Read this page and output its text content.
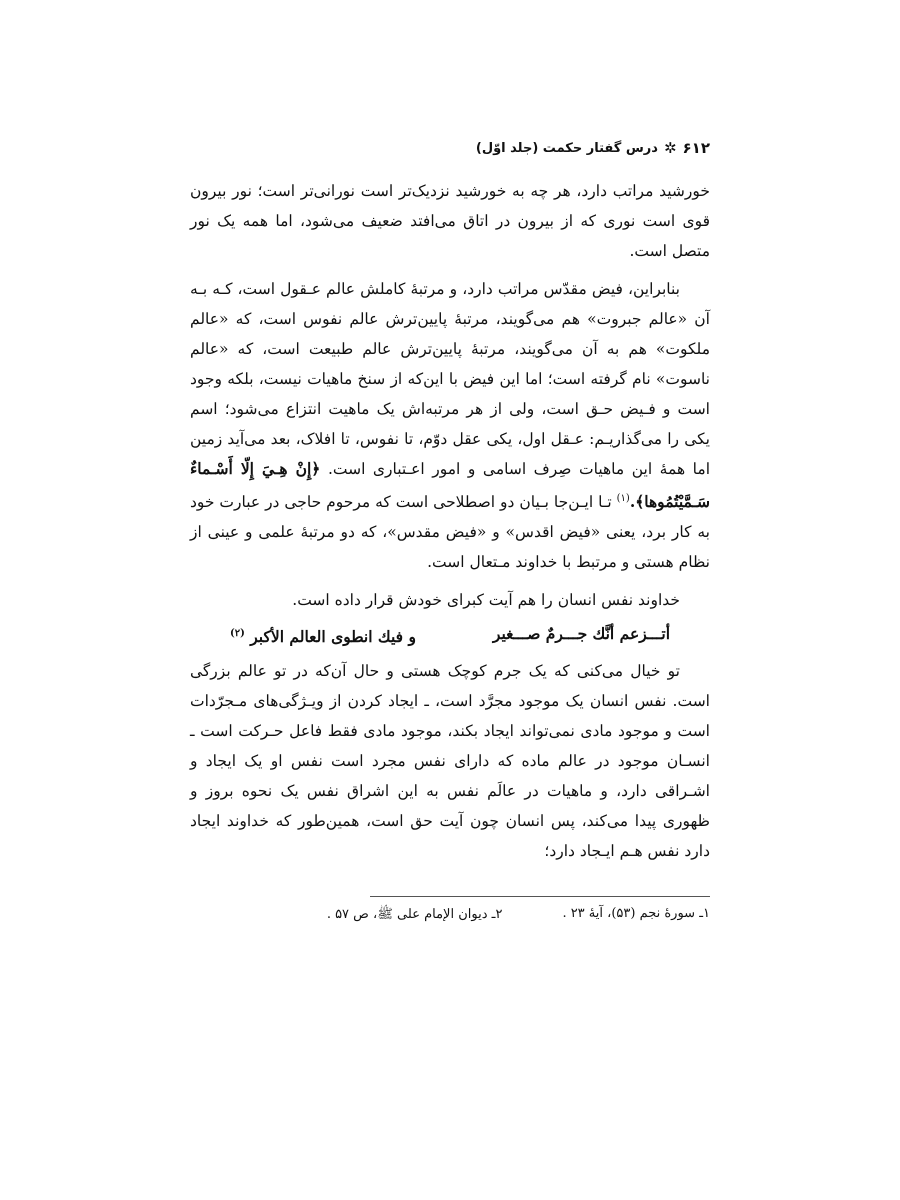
۶۱۲
✲
درس گفتار حکمت (جلد اوّل)

خورشید مراتب دارد، هر چه به خورشید نزدیک‌تر است نورانی‌تر است؛ نور بیرون قوی است نوری که از بیرون در اتاق می‌افتد ضعیف می‌شود، اما همه یک نور متصل است.

بنابراین، فیض مقدّس مراتب دارد، و مرتبهٔ کاملش عالم عـقول است، کـه بـه آن «عالم جبروت» هم می‌گویند، مرتبهٔ پایین‌ترش عالم نفوس است، که «عالم ملکوت» هم به آن می‌گویند، مرتبهٔ پایین‌ترش عالم طبیعت است، که «عالم ناسوت» نام گرفته است؛ اما این فیض با این‌که از سنخ ماهیات نیست، بلکه وجود است و فـیض حـق است، ولی از هر مرتبه‌اش یک ماهیت انتزاع می‌شود؛ اسم یکی را می‌گذاریـم: عـقل اول، یکی عقل دوّم، تا نفوس، تا افلاک، بعد می‌آید زمین اما همهٔ این ماهیات صِرف اسامی و امور اعـتباری است. ﴿إِنْ هِـيَ إِلّا أَسْـماءٌ سَـمَّيْتُمُوها﴾.$^{(۱)}$ تـا ایـن‌جا بـیان دو اصطلاحی است که مرحوم حاجی در عبارت خود به کار برد، یعنی «فیض اقدس» و «فیض مقدس»، که دو مرتبهٔ علمی و عینی از نظام هستی و مرتبط با خداوند مـتعال است.

خداوند نفس انسان را هم آیت کبرای خودش قرار داده است.

أتـــزعم أنَّك جـــرمٌ صـــغير
و فيك انطوى العالم الأكبر $^{(۲)}$

تو خیال می‌کنی که یک جرم کوچک هستی و حال آن‌که در تو عالم بزرگی است. نفس انسان یک موجود مجرَّد است، ـ ایجاد کردن از ویـژگی‌های مـجرّدات است و موجود مادی نمی‌تواند ایجاد بکند، موجود مادی فقط فاعل حـرکت است ـ انسـان موجود در عالم ماده که دارای نفس مجرد است نفس او یک ایجاد و اشـراقی دارد، و ماهیات در عالَم نفس به این اشراق نفس یک نحوه بروز و ظهوری پیدا می‌کند، پس انسان چون آیت حق است، همین‌طور که خداوند ایجاد دارد نفس هـم ایـجاد دارد؛

۱ـ سورهٔ نجم (۵۳)، آیهٔ ۲۳ .
۲ـ دیوان الإمام علی ﷺ، ص ۵۷ .
